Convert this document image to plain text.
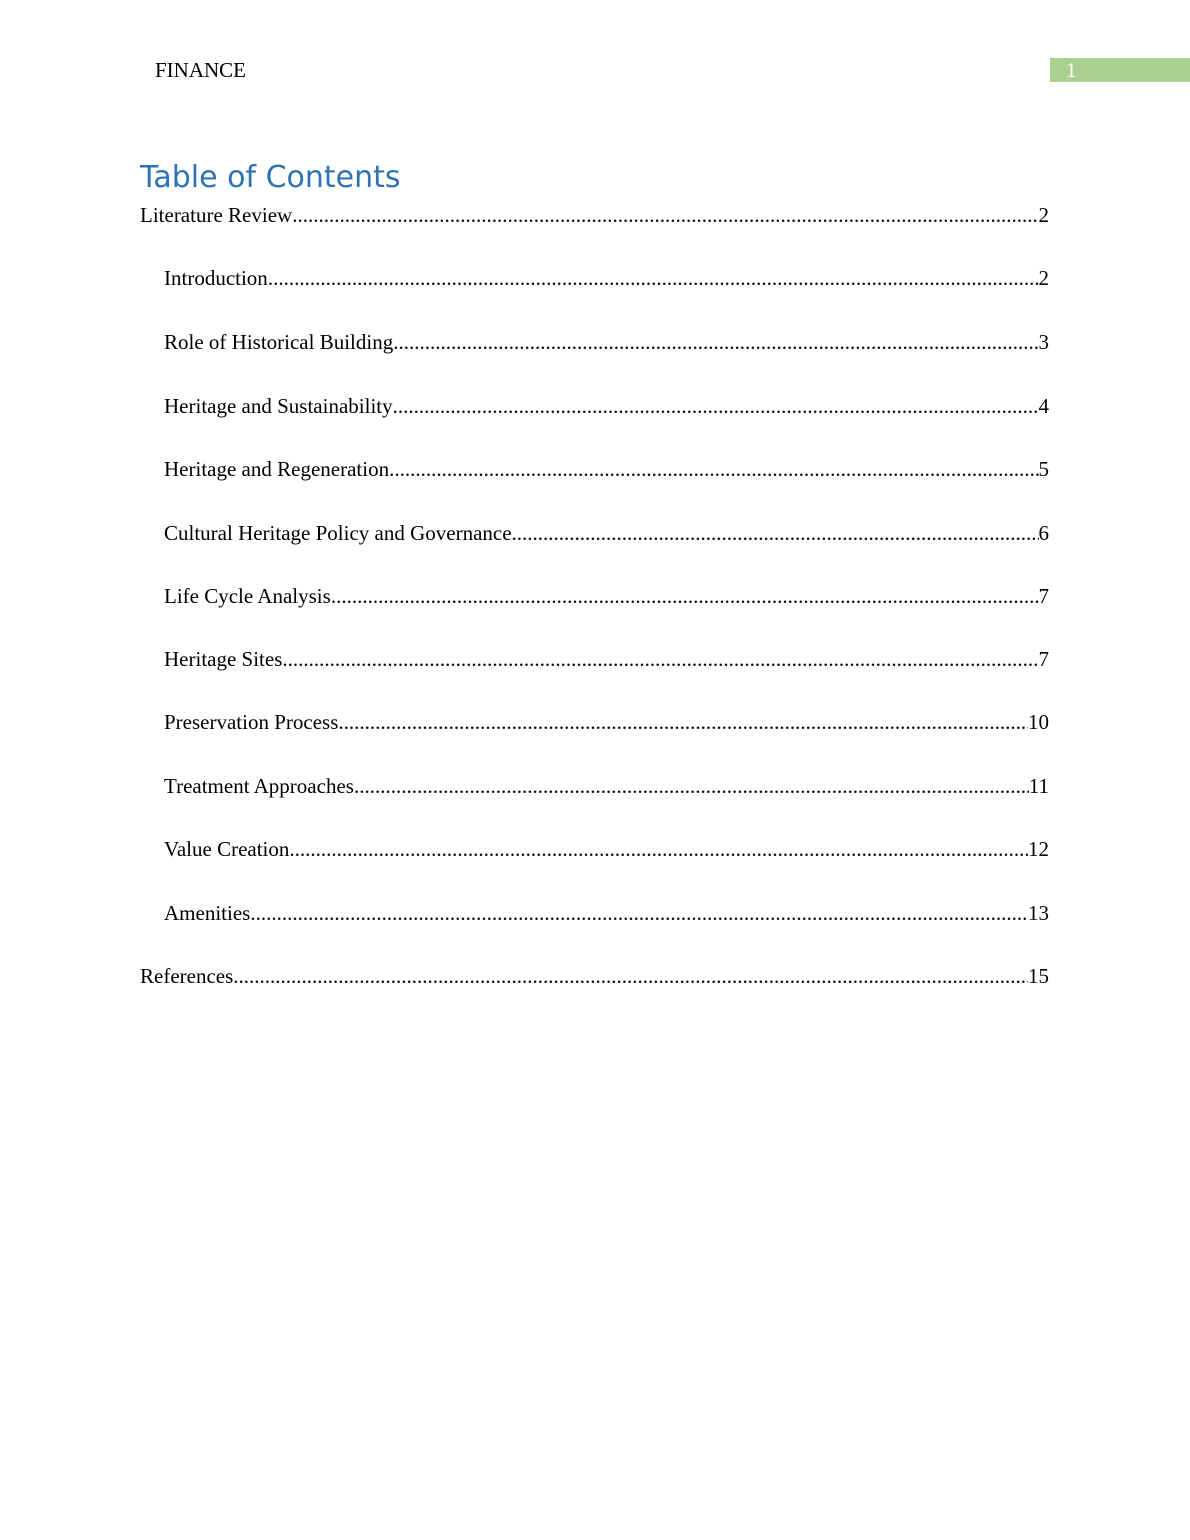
FINANCE	1
Table of Contents
Literature Review .....	2
Introduction .....	2
Role of Historical Building .....	3
Heritage and Sustainability .....	4
Heritage and Regeneration .....	5
Cultural Heritage Policy and Governance .....	6
Life Cycle Analysis .....	7
Heritage Sites .....	7
Preservation Process .....	10
Treatment Approaches .....	11
Value Creation .....	12
Amenities .....	13
References .....	15
